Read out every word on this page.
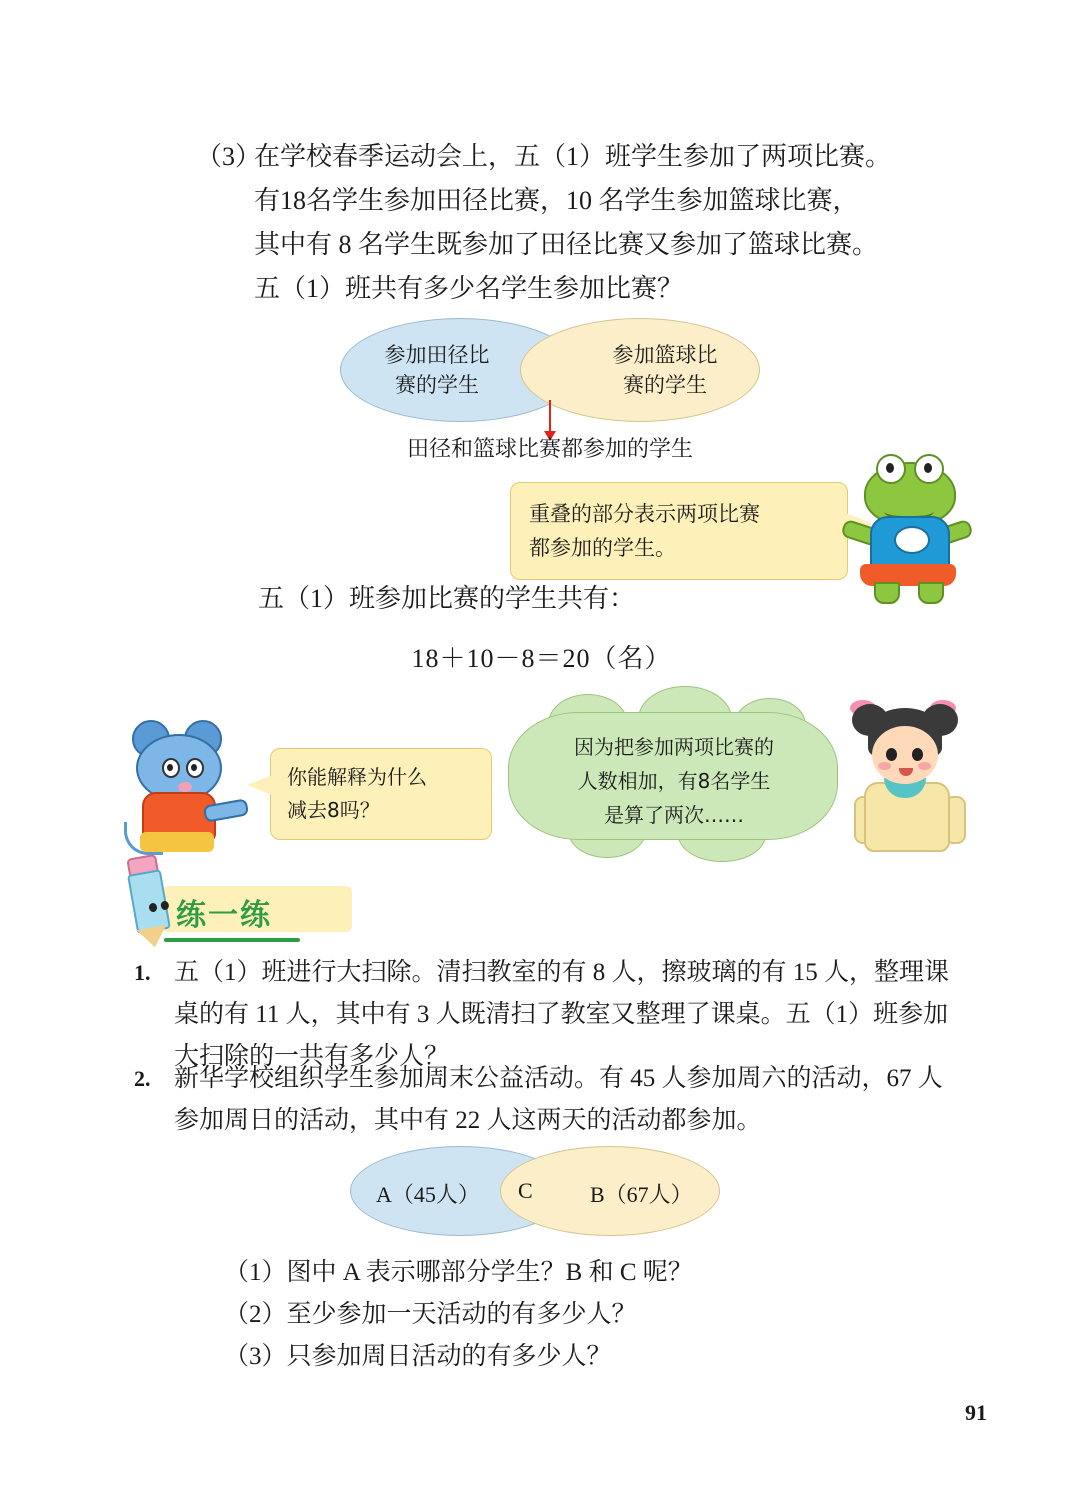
（3）
在学校春季运动会上，五（1）班学生参加了两项比赛。
有18名学生参加田径比赛，10 名学生参加篮球比赛，
其中有 8 名学生既参加了田径比赛又参加了篮球比赛。
五（1）班共有多少名学生参加比赛？
参加田径比
赛的学生
参加篮球比
赛的学生
田径和篮球比赛都参加的学生
重叠的部分表示两项比赛
都参加的学生。
五（1）班参加比赛的学生共有：
18＋10－8＝20（名）
你能解释为什么
减去8吗？
因为把参加两项比赛的
人数相加，有8名学生
是算了两次……
练一练
1. 五（1）班进行大扫除。清扫教室的有 8 人，擦玻璃的有 15 人，整理课
桌的有 11 人，其中有 3 人既清扫了教室又整理了课桌。五（1）班参加
大扫除的一共有多少人？
2. 新华学校组织学生参加周末公益活动。有 45 人参加周六的活动，67 人
参加周日的活动，其中有 22 人这两天的活动都参加。
A（45人） C	B（67人）
（1）图中 A 表示哪部分学生？B 和 C 呢？
（2）至少参加一天活动的有多少人？
（3）只参加周日活动的有多少人？
91
